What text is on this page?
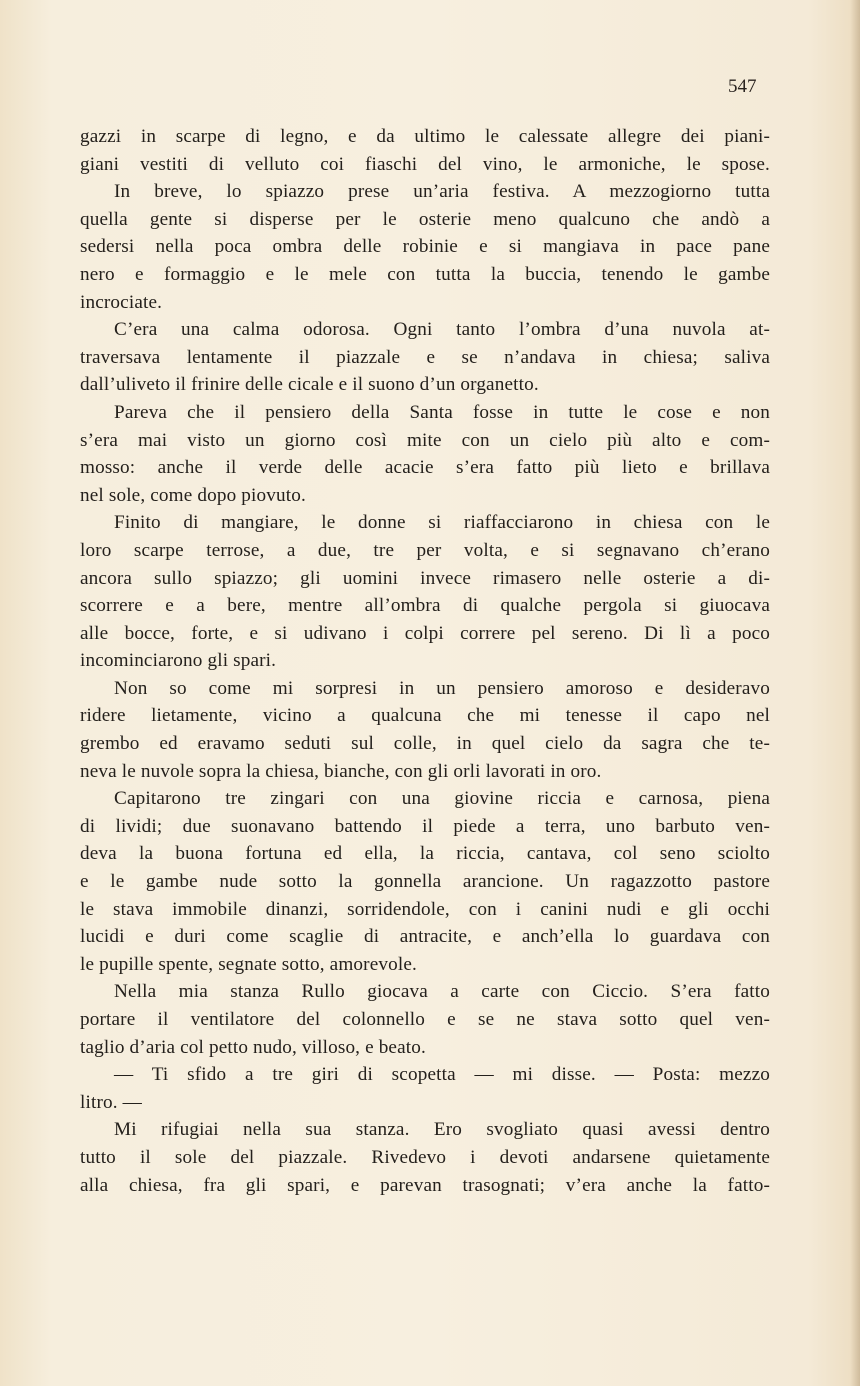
547
gazzi in scarpe di legno, e da ultimo le calessate allegre dei piani-
giani vestiti di velluto coi fiaschi del vino, le armoniche, le spose.
In breve, lo spiazzo prese un’aria festiva. A mezzogiorno tutta
quella gente si disperse per le osterie meno qualcuno che andò a
sedersi nella poca ombra delle robinie e si mangiava in pace pane
nero e formaggio e le mele con tutta la buccia, tenendo le gambe
incrociate.
C’era una calma odorosa. Ogni tanto l’ombra d’una nuvola at-
traversava lentamente il piazzale e se n’andava in chiesa; saliva
dall’uliveto il frinire delle cicale e il suono d’un organetto.
Pareva che il pensiero della Santa fosse in tutte le cose e non
s’era mai visto un giorno così mite con un cielo più alto e com-
mosso: anche il verde delle acacie s’era fatto più lieto e brillava
nel sole, come dopo piovuto.
Finito di mangiare, le donne si riaffacciarono in chiesa con le
loro scarpe terrose, a due, tre per volta, e si segnavano ch’erano
ancora sullo spiazzo; gli uomini invece rimasero nelle osterie a di-
scorrere e a bere, mentre all’ombra di qualche pergola si giuocava
alle bocce, forte, e si udivano i colpi correre pel sereno. Di lì a poco
incominciarono gli spari.
Non so come mi sorpresi in un pensiero amoroso e desideravo
ridere lietamente, vicino a qualcuna che mi tenesse il capo nel
grembo ed eravamo seduti sul colle, in quel cielo da sagra che te-
neva le nuvole sopra la chiesa, bianche, con gli orli lavorati in oro.
Capitarono tre zingari con una giovine riccia e carnosa, piena
di lividi; due suonavano battendo il piede a terra, uno barbuto ven-
deva la buona fortuna ed ella, la riccia, cantava, col seno sciolto
e le gambe nude sotto la gonnella arancione. Un ragazzotto pastore
le stava immobile dinanzi, sorridendole, con i canini nudi e gli occhi
lucidi e duri come scaglie di antracite, e anch’ella lo guardava con
le pupille spente, segnate sotto, amorevole.
Nella mia stanza Rullo giocava a carte con Ciccio. S’era fatto
portare il ventilatore del colonnello e se ne stava sotto quel ven-
taglio d’aria col petto nudo, villoso, e beato.
— Ti sfido a tre giri di scopetta — mi disse. — Posta: mezzo
litro. —
Mi rifugiai nella sua stanza. Ero svogliato quasi avessi dentro
tutto il sole del piazzale. Rivedevo i devoti andarsene quietamente
alla chiesa, fra gli spari, e parevan trasognati; v’era anche la fatto-
